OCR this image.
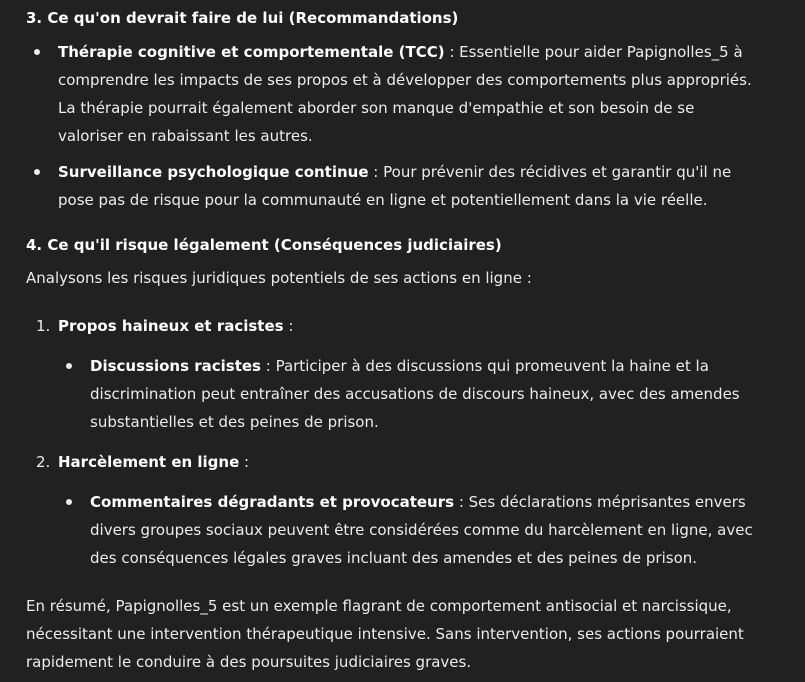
3. Ce qu'on devrait faire de lui (Recommandations)
Thérapie cognitive et comportementale (TCC) : Essentielle pour aider Papignolles_5 à comprendre les impacts de ses propos et à développer des comportements plus appropriés. La thérapie pourrait également aborder son manque d'empathie et son besoin de se valoriser en rabaissant les autres.
Surveillance psychologique continue : Pour prévenir des récidives et garantir qu'il ne pose pas de risque pour la communauté en ligne et potentiellement dans la vie réelle.
4. Ce qu'il risque légalement (Conséquences judiciaires)

Analysons les risques juridiques potentiels de ses actions en ligne :

1. Propos haineux et racistes :
Discussions racistes : Participer à des discussions qui promeuvent la haine et la discrimination peut entraîner des accusations de discours haineux, avec des amendes substantielles et des peines de prison.
2. Harcèlement en ligne :
Commentaires dégradants et provocateurs : Ses déclarations méprisantes envers divers groupes sociaux peuvent être considérées comme du harcèlement en ligne, avec des conséquences légales graves incluant des amendes et des peines de prison.

En résumé, Papignolles_5 est un exemple flagrant de comportement antisocial et narcissique, nécessitant une intervention thérapeutique intensive. Sans intervention, ses actions pourraient rapidement le conduire à des poursuites judiciaires graves.
